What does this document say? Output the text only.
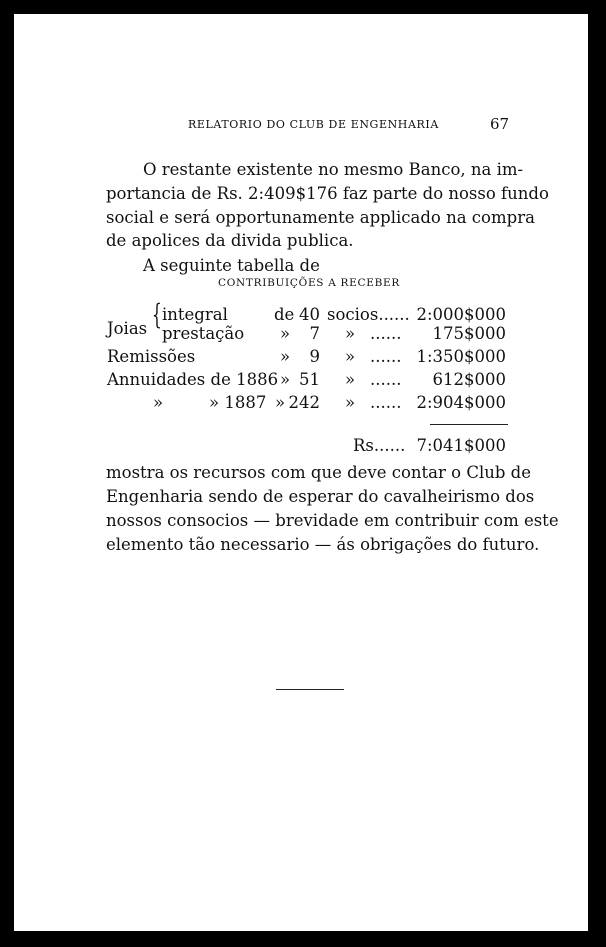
RELATORIO DO CLUB DE ENGENHARIA	67
O restante existente no mesmo Banco, na im-
portancia de Rs. 2:409$176 faz parte do nosso fundo
social e será opportunamente applicado na compra
de apolices da divida publica.
A seguinte tabella de
CONTRIBUIÇÕES A RECEBER
Joias { integral	de 40 socios...... 2:000$000
prestação »	7 » ......	175$000
Remissões	»	9 » ...... 1:350$000
Annuidades de 1886 » 51 » ......	612$000
»	» 1887 » 242 » ...... 2:904$000
Rs...... 7:041$000
mostra os recursos com que deve contar o Club de
Engenharia sendo de esperar do cavalheirismo dos
nossos consocios — brevidade em contribuir com este
elemento tão necessario — ás obrigações do futuro.
